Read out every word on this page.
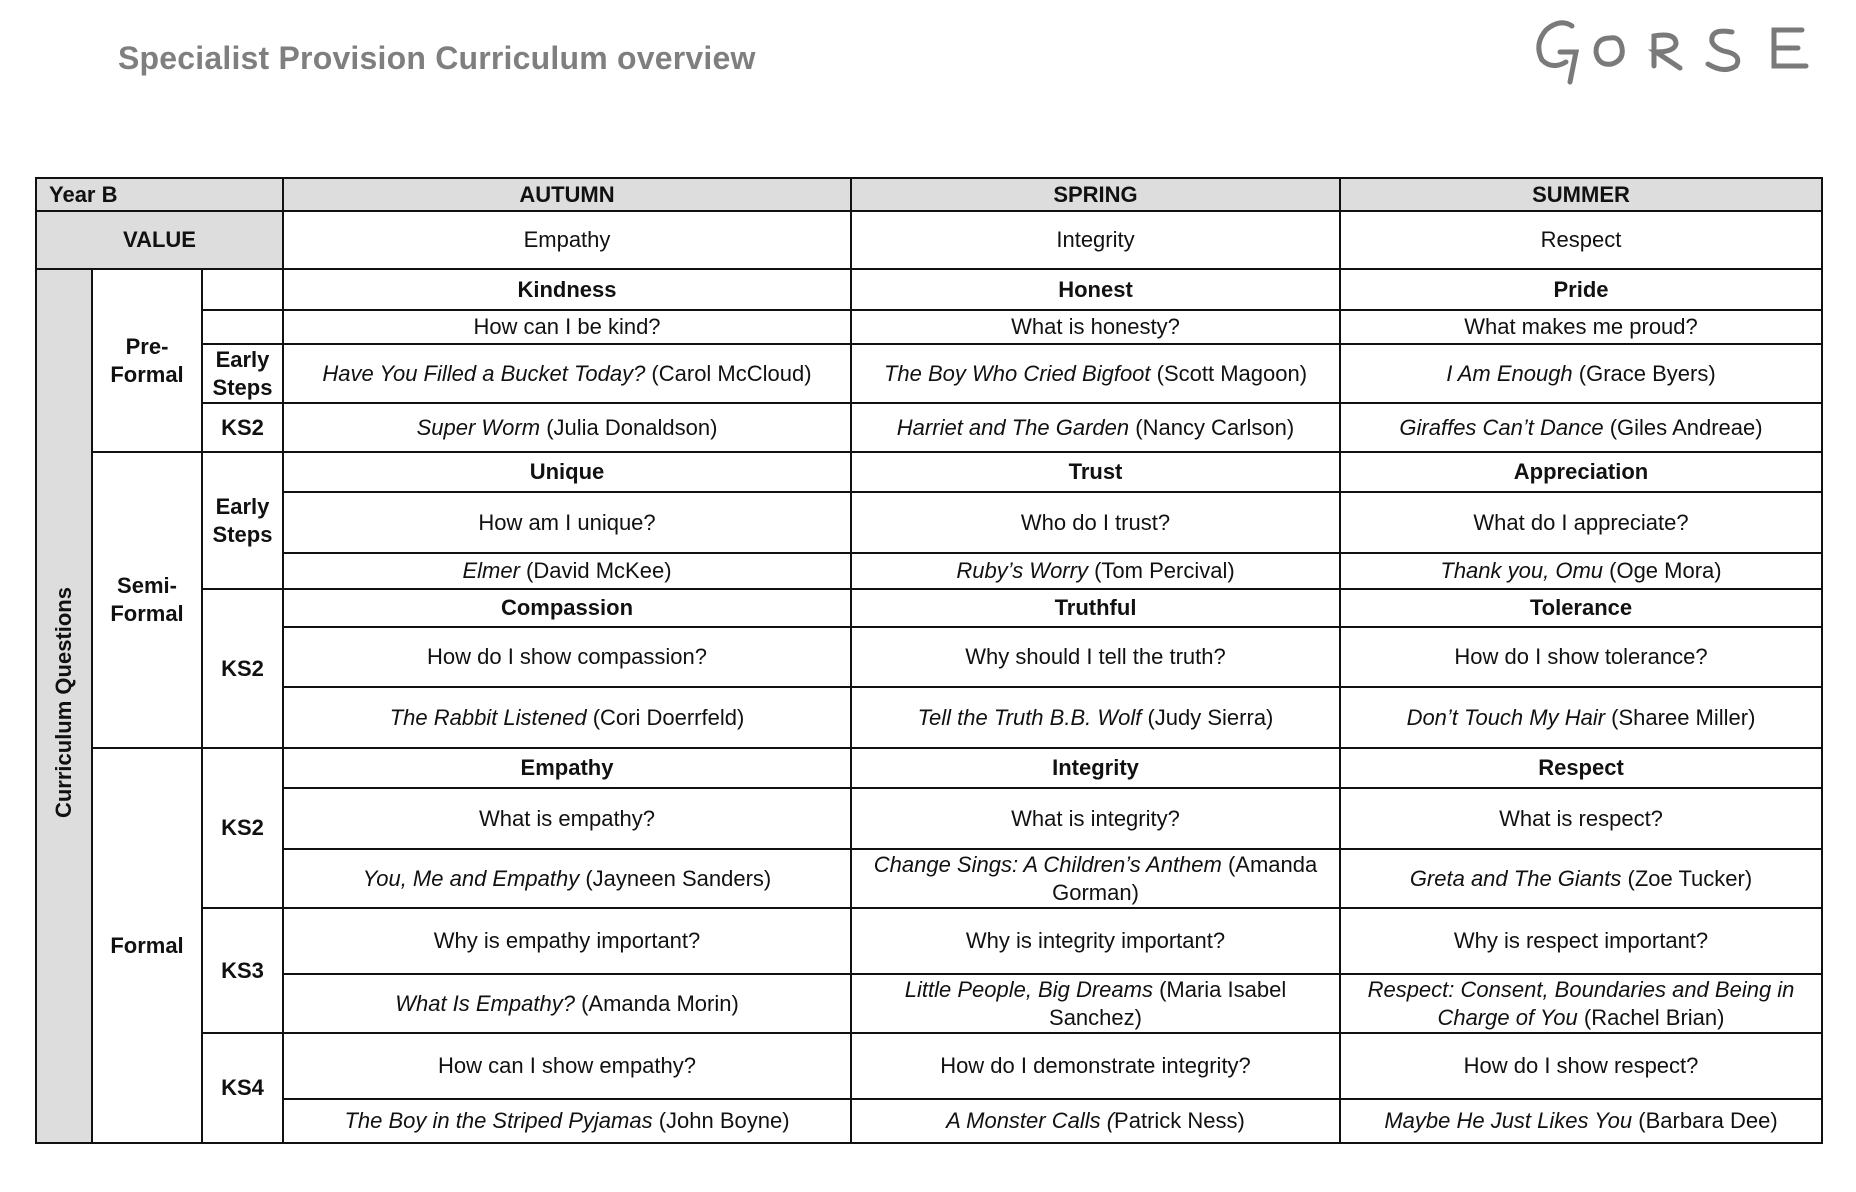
Specialist Provision Curriculum overview
Year B			AUTUMN	SPRING	SUMMER
VALUE			Empathy	Integrity	Respect
Curriculum Questions	Pre-Formal		Kindness	Honest	Pride
			How can I be kind?	What is honesty?	What makes me proud?
		Early Steps	Have You Filled a Bucket Today? (Carol McCloud)	The Boy Who Cried Bigfoot (Scott Magoon)	I Am Enough (Grace Byers)
		KS2	Super Worm (Julia Donaldson)	Harriet and The Garden (Nancy Carlson)	Giraffes Can’t Dance (Giles Andreae)
	Semi-Formal	Early Steps	Unique	Trust	Appreciation
			How am I unique?	Who do I trust?	What do I appreciate?
			Elmer (David McKee)	Ruby’s Worry (Tom Percival)	Thank you, Omu (Oge Mora)
		KS2	Compassion	Truthful	Tolerance
			How do I show compassion?	Why should I tell the truth?	How do I show tolerance?
			The Rabbit Listened (Cori Doerrfeld)	Tell the Truth B.B. Wolf (Judy Sierra)	Don’t Touch My Hair (Sharee Miller)
	Formal	KS2	Empathy	Integrity	Respect
			What is empathy?	What is integrity?	What is respect?
			You, Me and Empathy (Jayneen Sanders)	Change Sings: A Children’s Anthem (Amanda Gorman)	Greta and The Giants (Zoe Tucker)
		KS3	Why is empathy important?	Why is integrity important?	Why is respect important?
			What Is Empathy? (Amanda Morin)	Little People, Big Dreams (Maria Isabel Sanchez)	Respect: Consent, Boundaries and Being in Charge of You (Rachel Brian)
		KS4	How can I show empathy?	How do I demonstrate integrity?	How do I show respect?
			The Boy in the Striped Pyjamas (John Boyne)	A Monster Calls (Patrick Ness)	Maybe He Just Likes You (Barbara Dee)
